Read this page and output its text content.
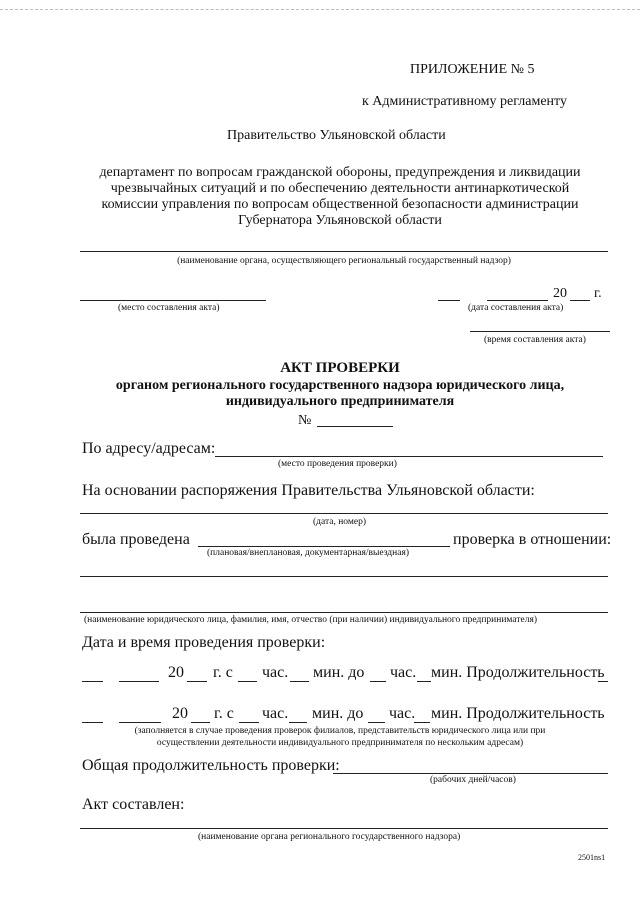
ПРИЛОЖЕНИЕ № 5
к Административному регламенту
Правительство Ульяновской области
департамент по вопросам гражданской обороны, предупреждения и ликвидации
чрезвычайных ситуаций и по обеспечению деятельности антинаркотической
комиссии управления по вопросам общественной безопасности администрации
Губернатора Ульяновской области
(наименование органа, осуществляющего региональный государственный надзор)
(место составления акта)
20 г.
(дата составления акта)
(время составления акта)
АКТ ПРОВЕРКИ
органом регионального государственного надзора юридического лица,
индивидуального предпринимателя
№
По адресу/адресам:
(место проведения проверки)
На основании распоряжения Правительства Ульяновской области:
(дата, номер)
была проведена	проверка в отношении:
(плановая/внеплановая, документарная/выездная)
(наименование юридического лица, фамилия, имя, отчество (при наличии) индивидуального предпринимателя)
Дата и время проведения проверки:
20 г. с час. мин. до час. мин. Продолжительность
20 г. с час. мин. до час. мин. Продолжительность
(заполняется в случае проведения проверок филиалов, представительств юридического лица или при
осуществлении деятельности индивидуального предпринимателя по нескольким адресам)
Общая продолжительность проверки:
(рабочих дней/часов)
Акт составлен:
(наименование органа регионального государственного надзора)
2501ns1
